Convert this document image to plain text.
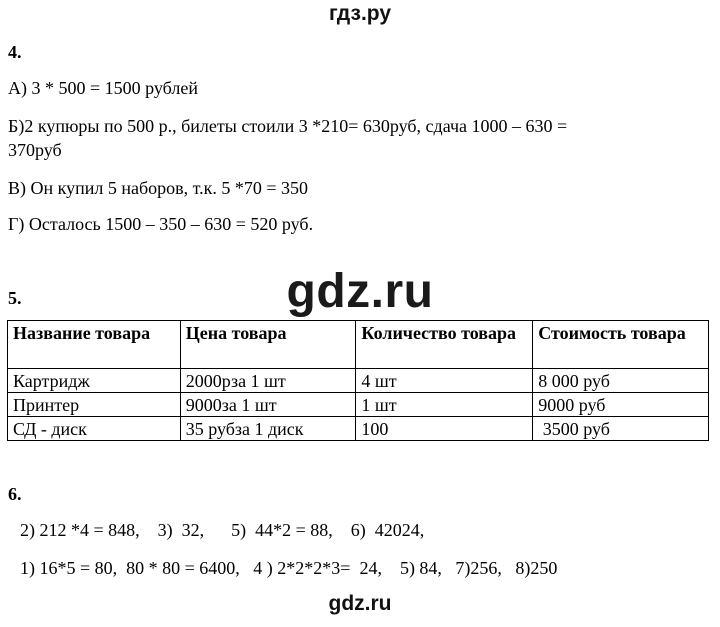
гдз.ру
4.
А) 3 * 500 = 1500 рублей
Б)2 купюры по 500 р., билеты стоили 3 *210= 630руб, сдача 1000 – 630 =
370руб
В) Он купил 5 наборов, т.к. 5 *70 = 350
Г) Осталось 1500 – 350 – 630 = 520 руб.
gdz.ru
5.
Название товара	Цена товара	Количество товара	Стоимость товара
Картридж	2000рза 1 шт	4 шт	8 000 руб
Принтер	9000за 1 шт	1 шт	9000 руб
СД - диск	35 рубза 1 диск	100	3500 руб
6.
2) 212 *4 = 848,    3)  32,      5)  44*2 = 88,    6)  42024,
1) 16*5 = 80,  80 * 80 = 6400,   4 ) 2*2*2*3=  24,    5) 84,   7)256,   8)250
gdz.ru
